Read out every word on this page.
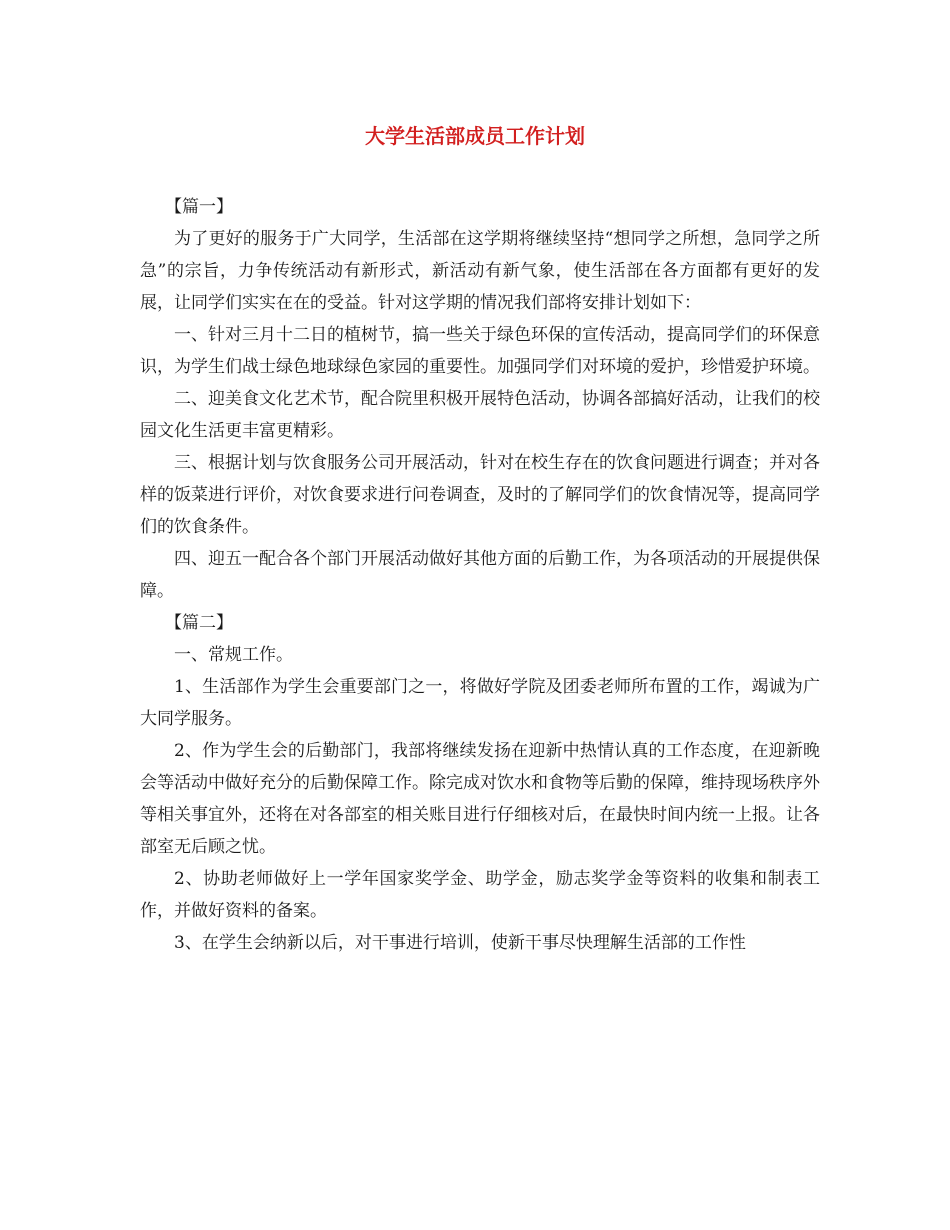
大学生活部成员工作计划

【篇一】

为了更好的服务于广大同学，生活部在这学期将继续坚持“想同学之所想，急同学之所急”的宗旨，力争传统活动有新形式，新活动有新气象，使生活部在各方面都有更好的发展，让同学们实实在在的受益。针对这学期的情况我们部将安排计划如下：

一、针对三月十二日的植树节，搞一些关于绿色环保的宣传活动，提高同学们的环保意识，为学生们战士绿色地球绿色家园的重要性。加强同学们对环境的爱护，珍惜爱护环境。

二、迎美食文化艺术节，配合院里积极开展特色活动，协调各部搞好活动，让我们的校园文化生活更丰富更精彩。

三、根据计划与饮食服务公司开展活动，针对在校生存在的饮食问题进行调查；并对各样的饭菜进行评价，对饮食要求进行问卷调查，及时的了解同学们的饮食情况等，提高同学们的饮食条件。

四、迎五一配合各个部门开展活动做好其他方面的后勤工作，为各项活动的开展提供保障。

【篇二】

一、常规工作。

1、生活部作为学生会重要部门之一，将做好学院及团委老师所布置的工作，竭诚为广大同学服务。

2、作为学生会的后勤部门，我部将继续发扬在迎新中热情认真的工作态度，在迎新晚会等活动中做好充分的后勤保障工作。除完成对饮水和食物等后勤的保障，维持现场秩序外等相关事宜外，还将在对各部室的相关账目进行仔细核对后，在最快时间内统一上报。让各部室无后顾之忧。

2、协助老师做好上一学年国家奖学金、助学金，励志奖学金等资料的收集和制表工作，并做好资料的备案。

3、在学生会纳新以后，对干事进行培训，使新干事尽快理解生活部的工作性
